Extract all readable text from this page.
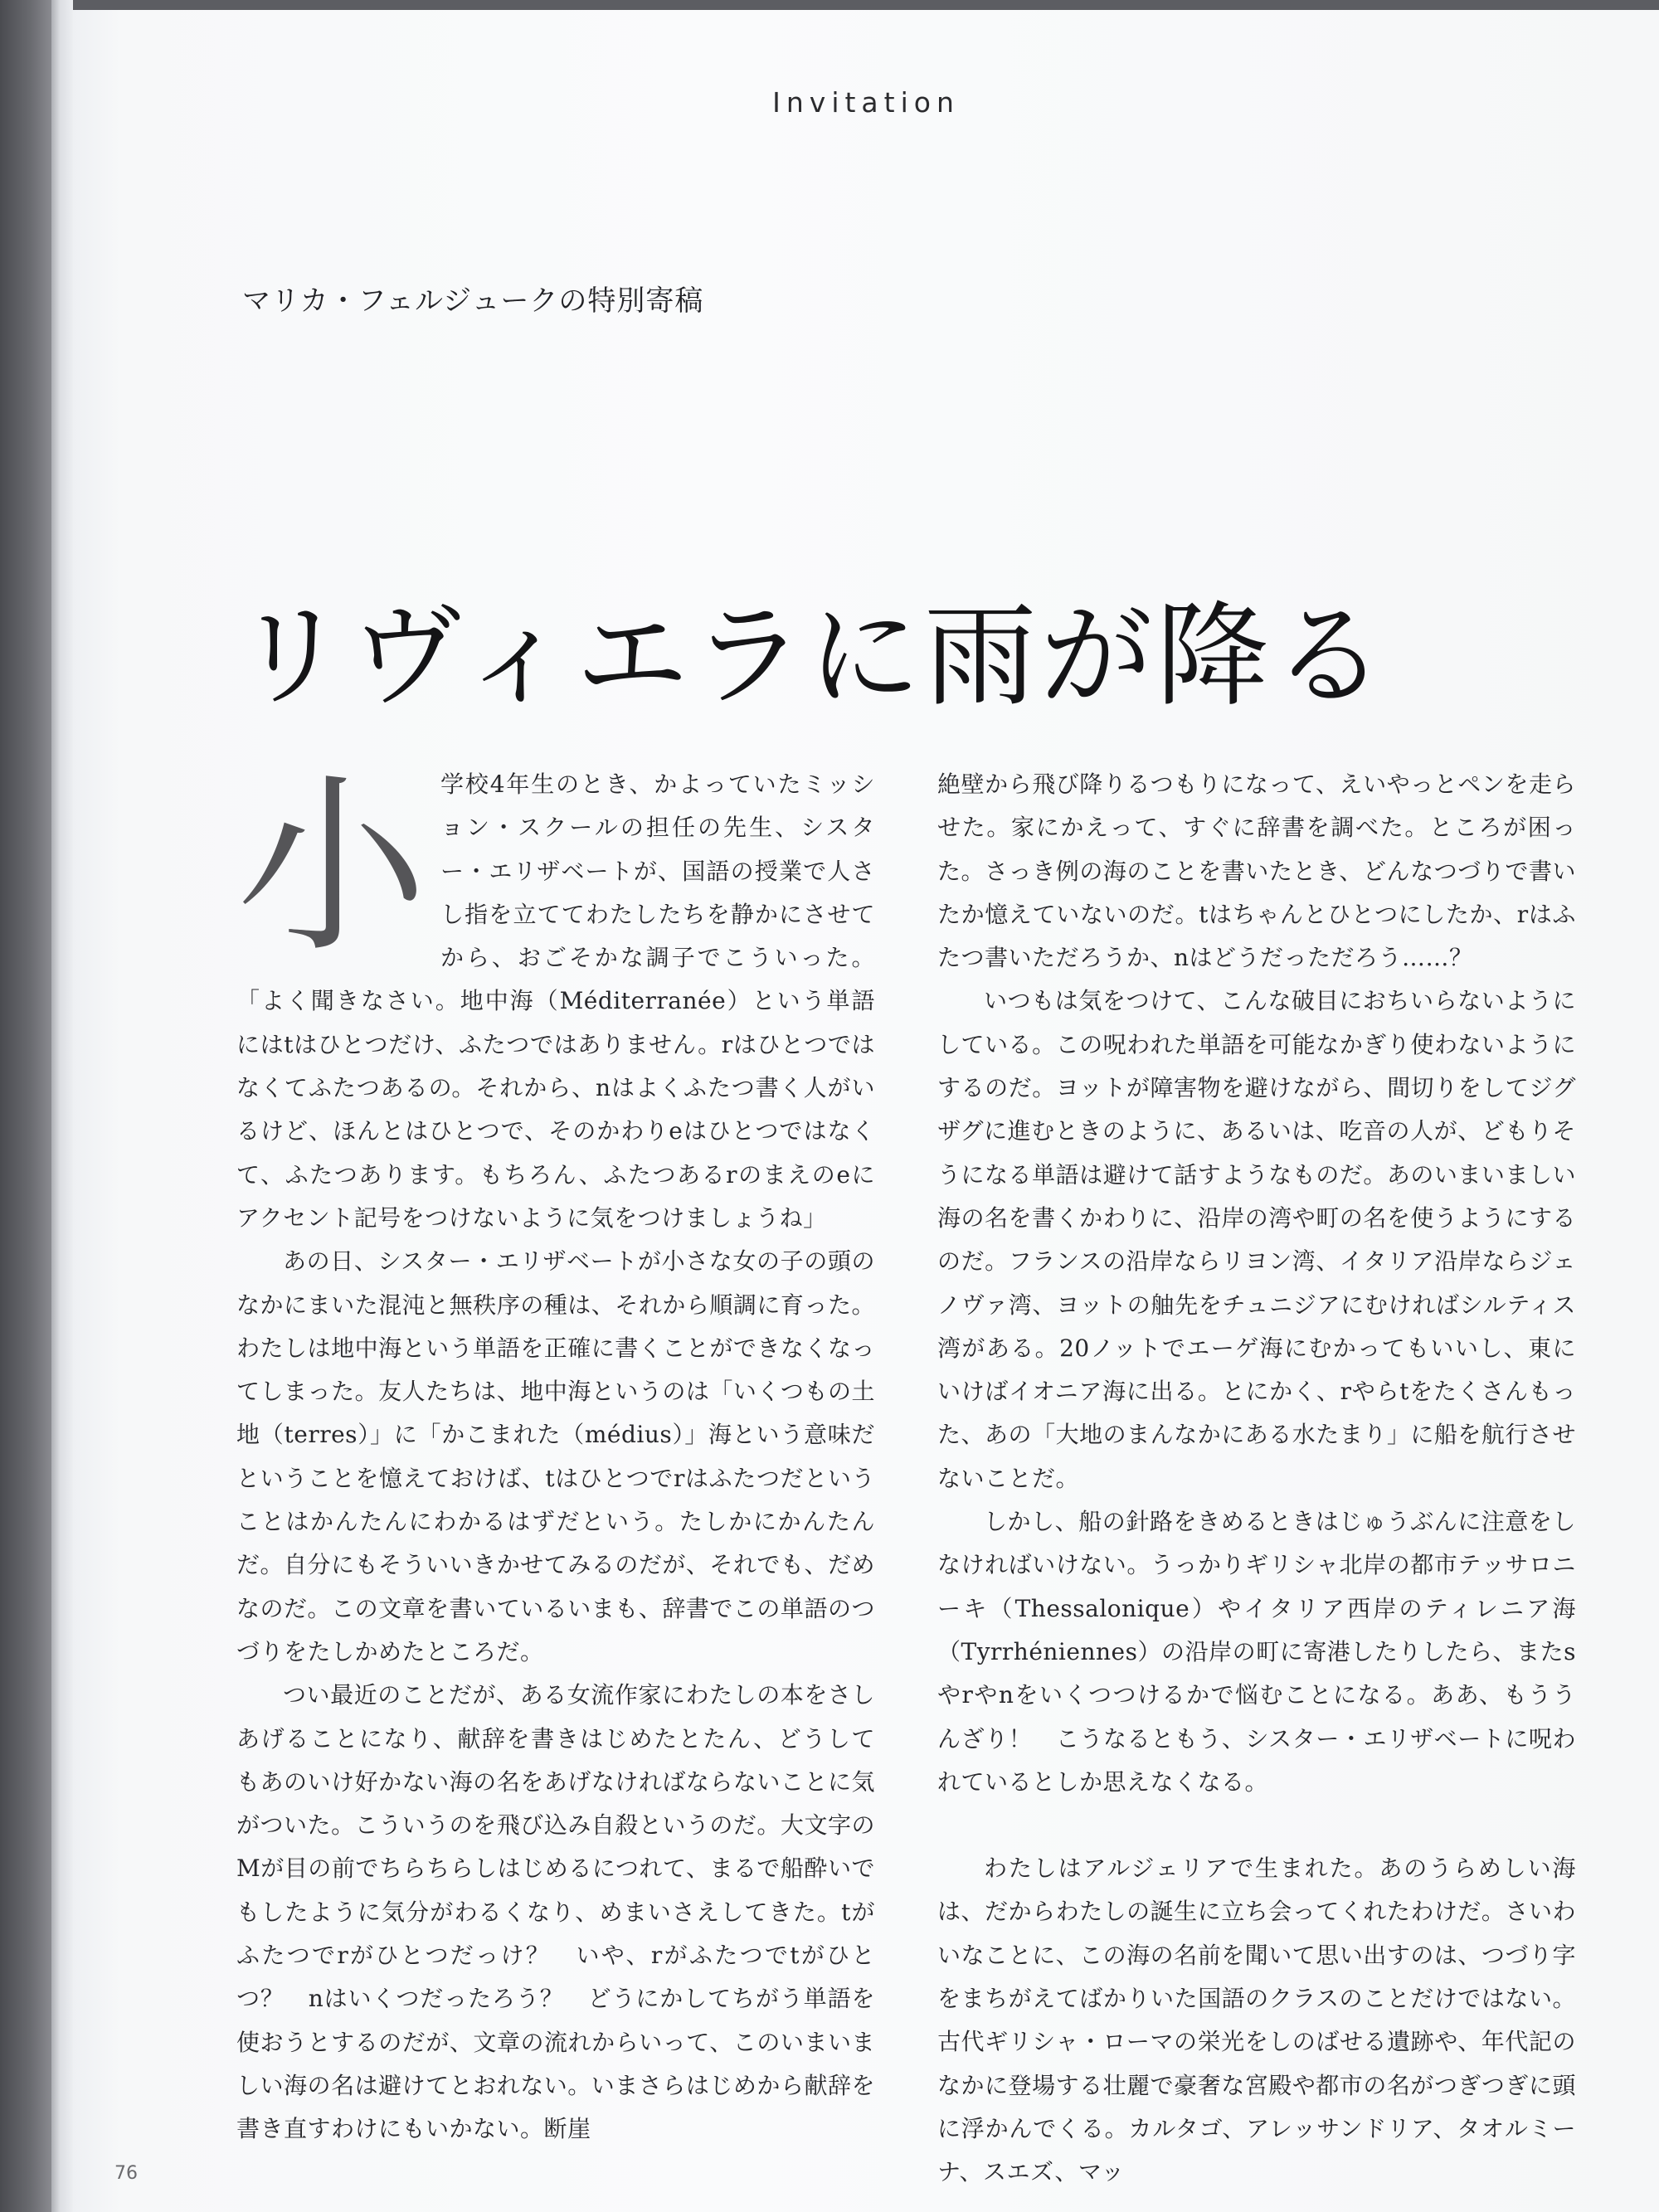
Invitation
マリカ・フェルジュークの特別寄稿
リヴィエラに雨が降る
小 学校4年生のとき、かよっていたミッション・スクールの担任の先生、シスター・エリザベートが、国語の授業で人さし指を立ててわたしたちを静かにさせてから、おごそかな調子でこういった。「よく聞きなさい。地中海（Méditerranée）という単語にはtはひとつだけ、ふたつではありません。rはひとつではなくてふたつあるの。それから、nはよくふたつ書く人がいるけど、ほんとはひとつで、そのかわりeはひとつではなくて、ふたつあります。もちろん、ふたつあるrのまえのeにアクセント記号をつけないように気をつけましょうね」

あの日、シスター・エリザベートが小さな女の子の頭のなかにまいた混沌と無秩序の種は、それから順調に育った。わたしは地中海という単語を正確に書くことができなくなってしまった。友人たちは、地中海というのは「いくつもの土地（terres）」に「かこまれた（médius）」海という意味だということを憶えておけば、tはひとつでrはふたつだということはかんたんにわかるはずだという。たしかにかんたんだ。自分にもそういいきかせてみるのだが、それでも、だめなのだ。この文章を書いているいまも、辞書でこの単語のつづりをたしかめたところだ。

つい最近のことだが、ある女流作家にわたしの本をさしあげることになり、献辞を書きはじめたとたん、どうしてもあのいけ好かない海の名をあげなければならないことに気がついた。こういうのを飛び込み自殺というのだ。大文字のMが目の前でちらちらしはじめるにつれて、まるで船酔いでもしたように気分がわるくなり、めまいさえしてきた。tがふたつでrがひとつだっけ？　いや、rがふたつでtがひとつ？　nはいくつだったろう？　どうにかしてちがう単語を使おうとするのだが、文章の流れからいって、このいまいましい海の名は避けてとおれない。いまさらはじめから献辞を書き直すわけにもいかない。断崖

絶壁から飛び降りるつもりになって、えいやっとペンを走らせた。家にかえって、すぐに辞書を調べた。ところが困った。さっき例の海のことを書いたとき、どんなつづりで書いたか憶えていないのだ。tはちゃんとひとつにしたか、rはふたつ書いただろうか、nはどうだっただろう……？

いつもは気をつけて、こんな破目におちいらないようにしている。この呪われた単語を可能なかぎり使わないようにするのだ。ヨットが障害物を避けながら、間切りをしてジグザグに進むときのように、あるいは、吃音の人が、どもりそうになる単語は避けて話すようなものだ。あのいまいましい海の名を書くかわりに、沿岸の湾や町の名を使うようにするのだ。フランスの沿岸ならリヨン湾、イタリア沿岸ならジェノヴァ湾、ヨットの舳先をチュニジアにむければシルティス湾がある。20ノットでエーゲ海にむかってもいいし、東にいけばイオニア海に出る。とにかく、rやらtをたくさんもった、あの「大地のまんなかにある水たまり」に船を航行させないことだ。

しかし、船の針路をきめるときはじゅうぶんに注意をしなければいけない。うっかりギリシャ北岸の都市テッサロニーキ（Thessalonique）やイタリア西岸のティレニア海（Tyrrhéniennes）の沿岸の町に寄港したりしたら、またsやrやnをいくつつけるかで悩むことになる。ああ、もううんざり！　こうなるともう、シスター・エリザベートに呪われているとしか思えなくなる。

わたしはアルジェリアで生まれた。あのうらめしい海は、だからわたしの誕生に立ち会ってくれたわけだ。さいわいなことに、この海の名前を聞いて思い出すのは、つづり字をまちがえてばかりいた国語のクラスのことだけではない。古代ギリシャ・ローマの栄光をしのばせる遺跡や、年代記のなかに登場する壮麗で豪奢な宮殿や都市の名がつぎつぎに頭に浮かんでくる。カルタゴ、アレッサンドリア、タオルミーナ、スエズ、マッ

76
